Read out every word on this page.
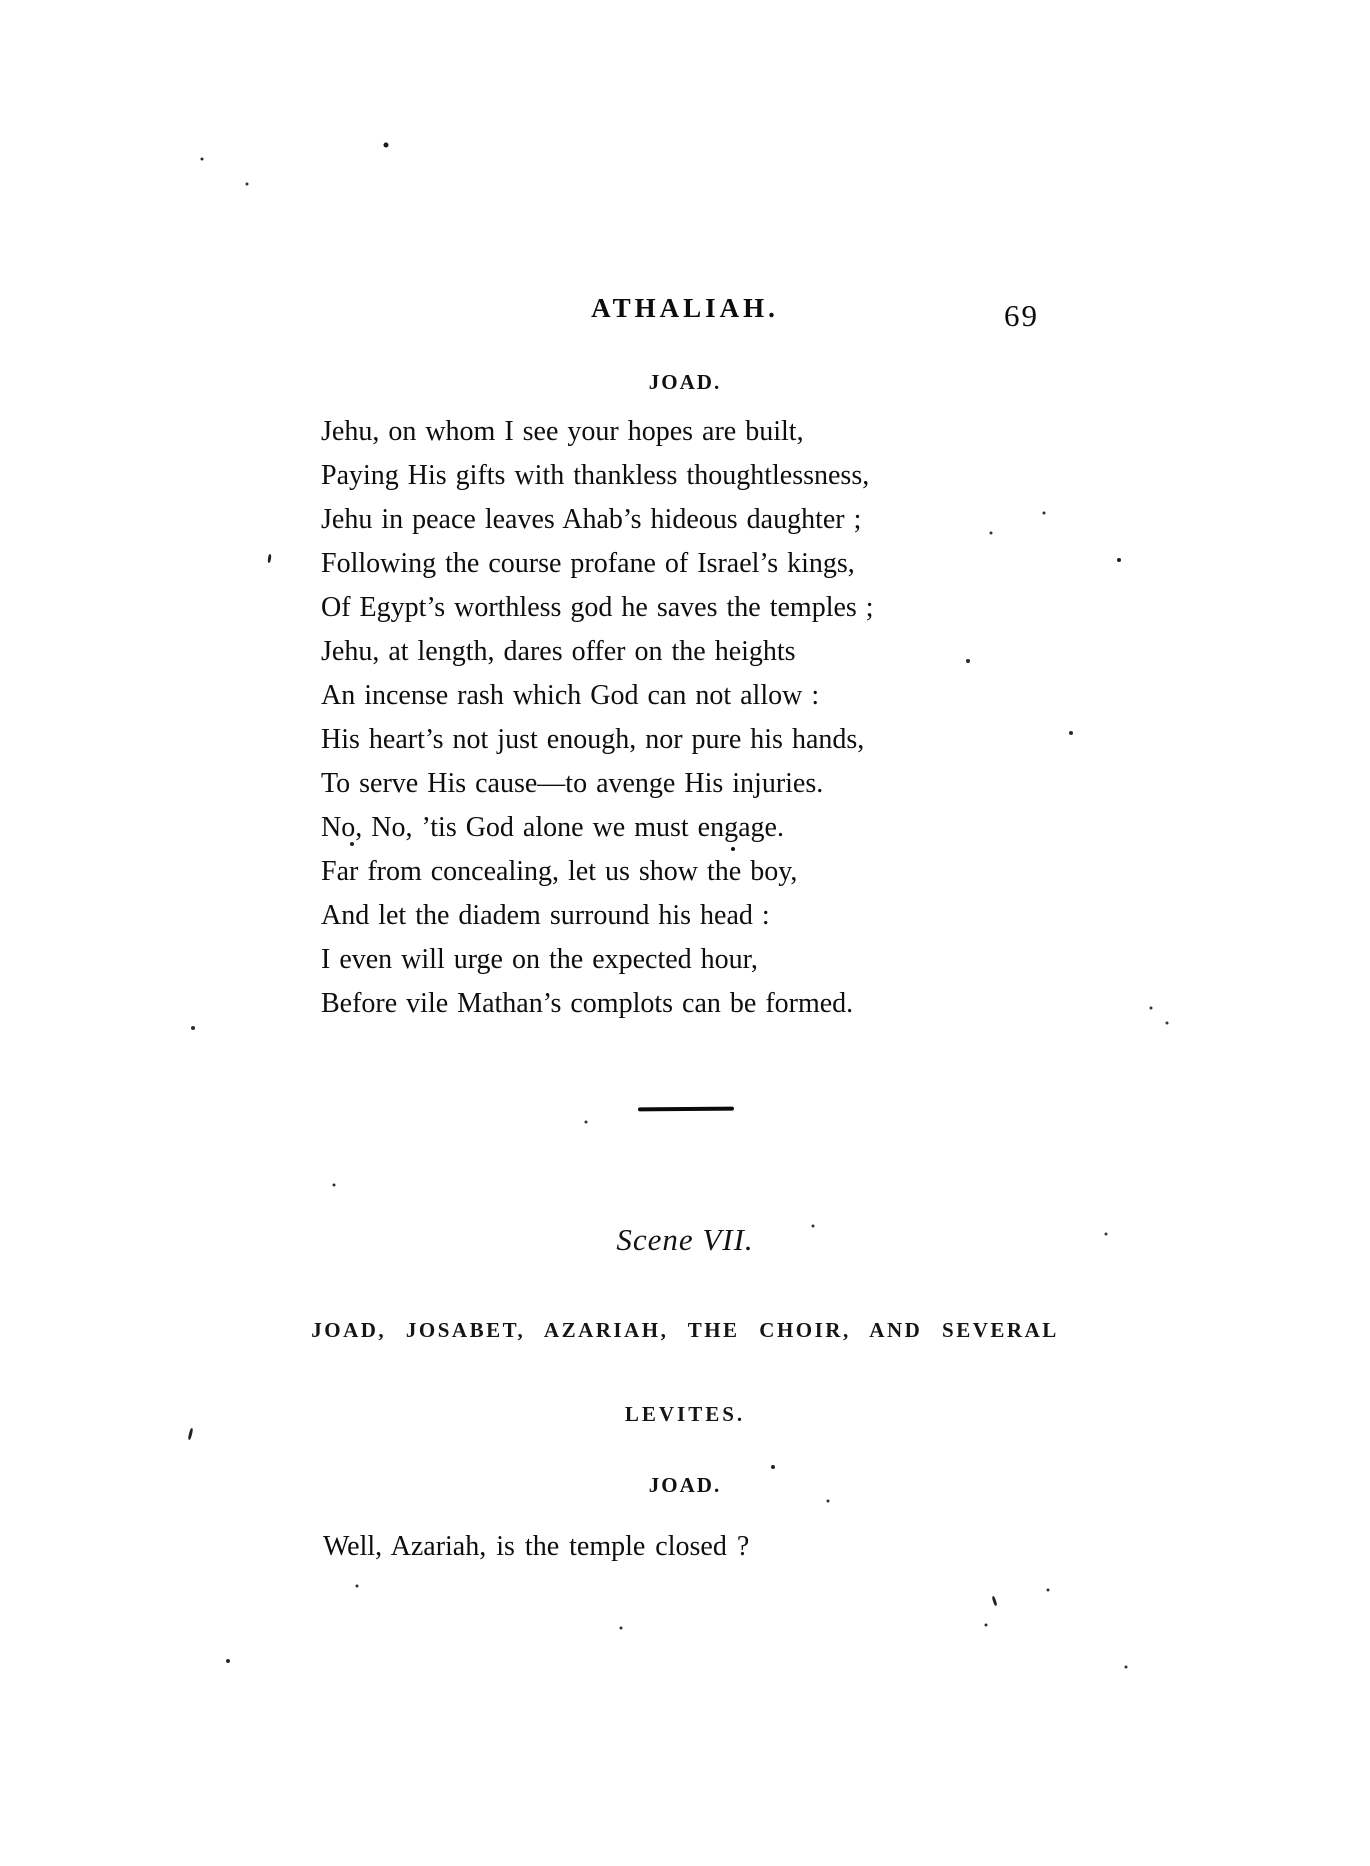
ATHALIAH.	69
JOAD.
Jehu, on whom I see your hopes are built,
Paying His gifts with thankless thoughtlessness,
Jehu in peace leaves Ahab’s hideous daughter ;
Following the course profane of Israel’s kings,
Of Egypt’s worthless god he saves the temples ;
Jehu, at length, dares offer on the heights
An incense rash which God can not allow :
His heart’s not just enough, nor pure his hands,
To serve His cause—to avenge His injuries.
No, No, ’tis God alone we must engage.
Far from concealing, let us show the boy,
And let the diadem surround his head :
I even will urge on the expected hour,
Before vile Mathan’s complots can be formed.
Scene VII.
JOAD, JOSABET, AZARIAH, THE CHOIR, AND SEVERAL
LEVITES.
JOAD.
Well, Azariah, is the temple closed ?
